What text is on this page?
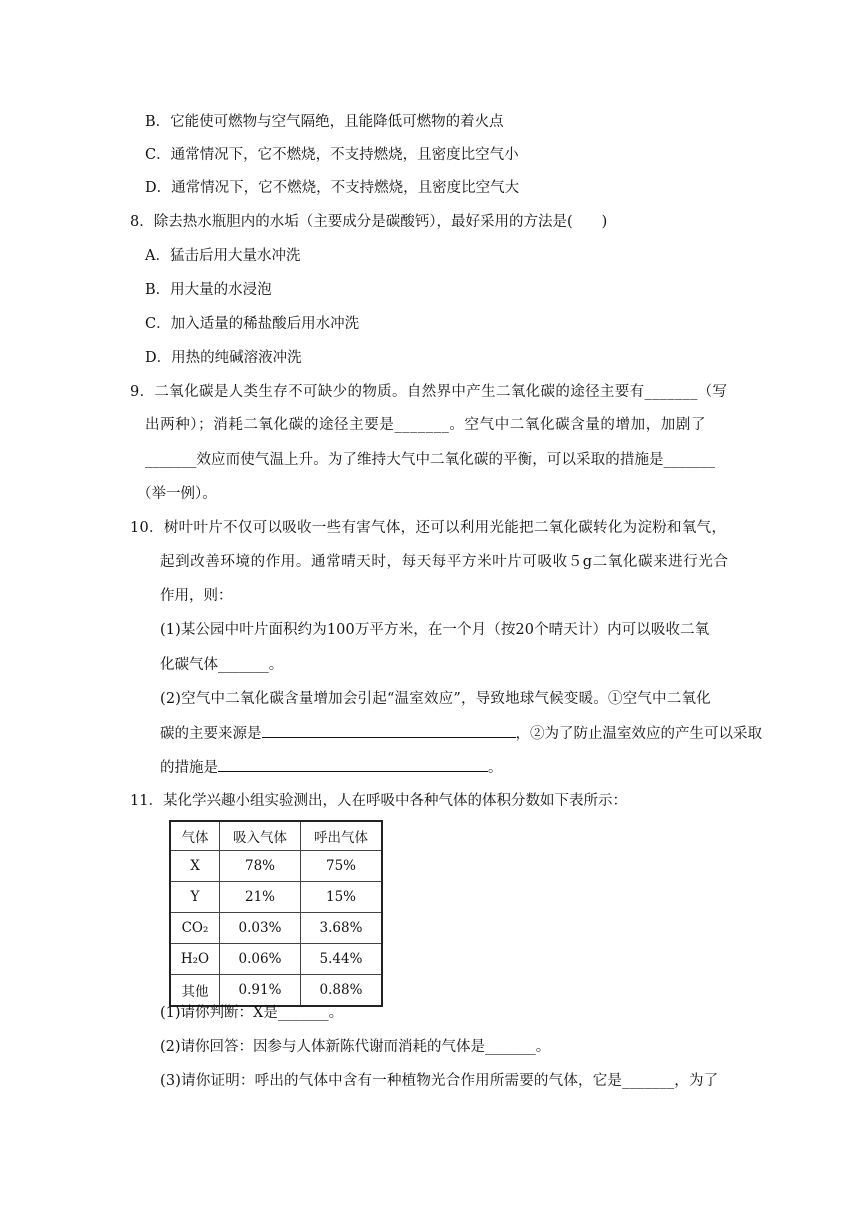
B．它能使可燃物与空气隔绝，且能降低可燃物的着火点
C．通常情况下，它不燃烧，不支持燃烧，且密度比空气小
D．通常情况下，它不燃烧，不支持燃烧，且密度比空气大
8．除去热水瓶胆内的水垢（主要成分是碳酸钙），最好采用的方法是(　　)
A．猛击后用大量水冲洗
B．用大量的水浸泡
C．加入适量的稀盐酸后用水冲洗
D．用热的纯碱溶液冲洗
9．二氧化碳是人类生存不可缺少的物质。自然界中产生二氧化碳的途径主要有_______（写
出两种）；消耗二氧化碳的途径主要是_______。空气中二氧化碳含量的增加，加剧了
_______效应而使气温上升。为了维持大气中二氧化碳的平衡，可以采取的措施是_______
（举一例）。
10．树叶叶片不仅可以吸收一些有害气体，还可以利用光能把二氧化碳转化为淀粉和氧气，
起到改善环境的作用。通常晴天时，每天每平方米叶片可吸收５g二氧化碳来进行光合
作用，则：
(1)某公园中叶片面积约为100万平方米，在一个月（按20个晴天计）内可以吸收二氧
化碳气体_______。
(2)空气中二氧化碳含量增加会引起“温室效应”，导致地球气候变暖。①空气中二氧化
碳的主要来源是	，②为了防止温室效应的产生可以采取
的措施是	。
11．某化学兴趣小组实验测出，人在呼吸中各种气体的体积分数如下表所示：
气体	吸入气体	呼出气体
X	78%	75%
Y	21%	15%
CO₂	0.03%	3.68%
H₂O	0.06%	5.44%
其他	0.91%	0.88%
(1)请你判断：X是_______。
(2)请你回答：因参与人体新陈代谢而消耗的气体是_______。
(3)请你证明：呼出的气体中含有一种植物光合作用所需要的气体，它是_______，为了
